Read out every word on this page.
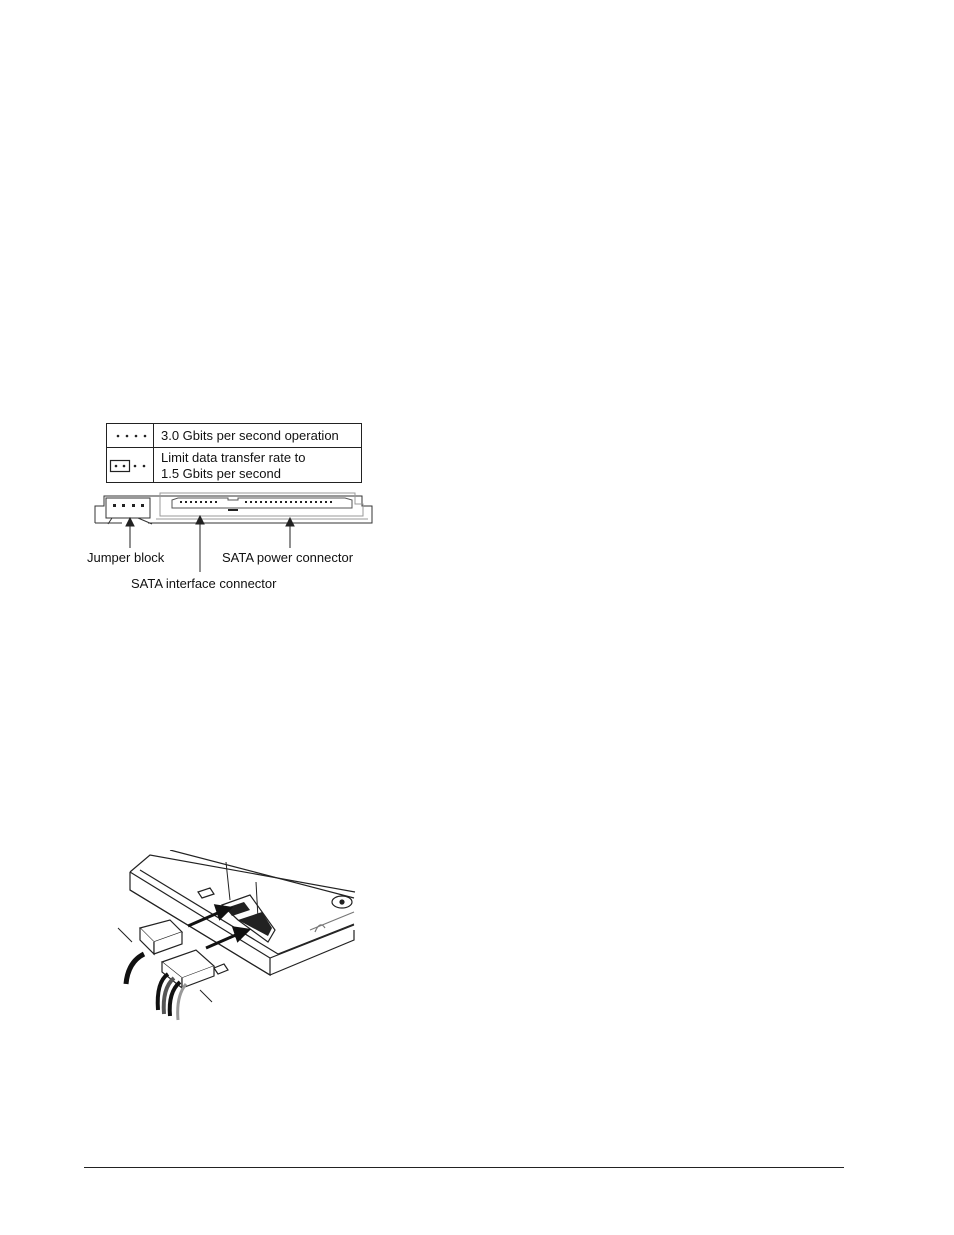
3.0 Gbits per second operation
Limit data transfer rate to
1.5 Gbits per second
Jumper block	SATA power connector
SATA interface connector
